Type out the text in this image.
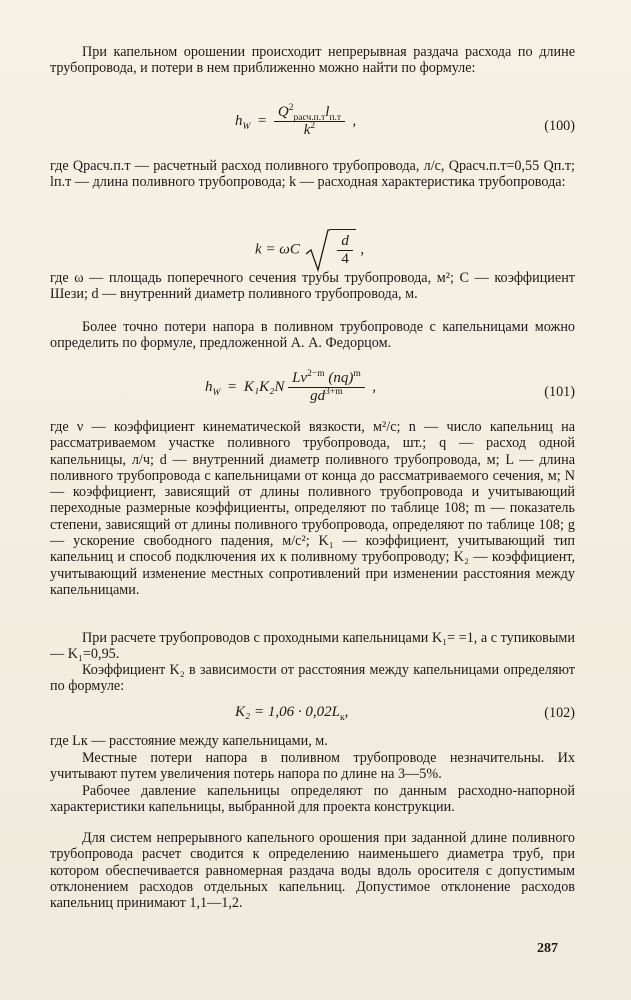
При капельном орошении происходит непрерывная раздача расхода по длине трубопровода, и потери в нем приближенно можно найти по формуле:

$h_W = \frac{Q^2_{расч.п.т}l_{п.т}}{k^2}$ ,	(100)

где Qрасч.п.т — расчетный расход поливного трубопровода, л/с, Qрасч.п.т=0,55 Qп.т; lп.т — длина поливного трубопровода; k — расходная характеристика трубопровода:

k = ωC
	$\frac{d}{4}$ ,

где ω — площадь поперечного сечения трубы трубопровода, м²; C — коэффициент Шези; d — внутренний диаметр поливного трубопровода, м.

Более точно потери напора в поливном трубопроводе с капельницами можно определить по формуле, предложенной А. А. Федорцом.

$h_W = K_1K_2N \frac{L\nu^{2-m} (nq)^m}{gd^{3+m}}$ ,	(101)

где ν — коэффициент кинематической вязкости, м²/с; n — число капельниц на рассматриваемом участке поливного трубопровода, шт.; q — расход одной капельницы, л/ч; d — внутренний диаметр поливного трубопровода, м; L — длина поливного трубопровода с капельницами от конца до рассматриваемого сечения, м; N — коэффициент, зависящий от длины поливного трубопровода и учитывающий переходные размерные коэффициенты, определяют по таблице 108; m — показатель степени, зависящий от длины поливного трубопровода, определяют по таблице 108; g — ускорение свободного падения, м/с²; K₁ — коэффициент, учитывающий тип капельниц и способ подключения их к поливному трубопроводу; K₂ — коэффициент, учитывающий изменение местных сопротивлений при изменении расстояния между капельницами.

При расчете трубопроводов с проходными капельницами K₁= =1, а с тупиковыми — K₁=0,95.

Коэффициент K₂ в зависимости от расстояния между капельницами определяют по формуле:

$K_2 = 1,06 \cdot 0,02L_к$,	(102)

где Lк — расстояние между капельницами, м.

Местные потери напора в поливном трубопроводе незначительны. Их учитывают путем увеличения потерь напора по длине на 3—5%.

Рабочее давление капельницы определяют по данным расходно-напорной характеристики капельницы, выбранной для проекта конструкции.

Для систем непрерывного капельного орошения при заданной длине поливного трубопровода расчет сводится к определению наименьшего диаметра труб, при котором обеспечивается равномерная раздача воды вдоль оросителя с допустимым отклонением расходов отдельных капельниц. Допустимое отклонение расходов капельниц принимают 1,1—1,2.

287
